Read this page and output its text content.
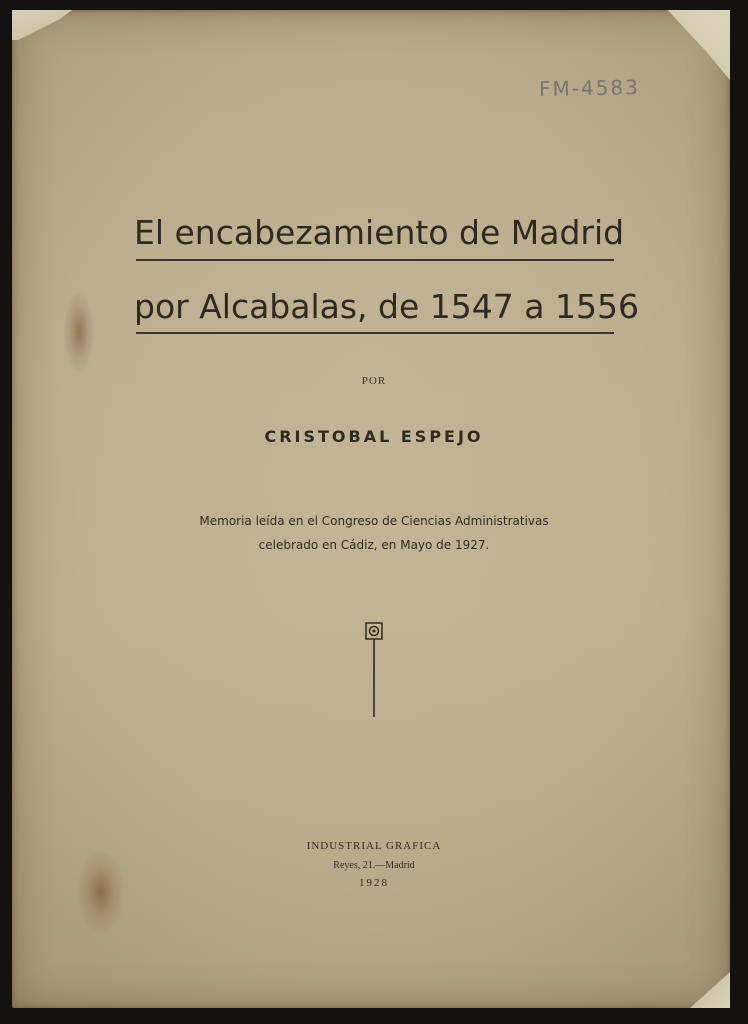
FM-4583
El encabezamiento de Madrid
por Alcabalas, de 1547 a 1556
POR
CRISTOBAL ESPEJO
Memoria leída en el Congreso de Ciencias Administrativas
celebrado en Cádiz, en Mayo de 1927.
INDUSTRIAL GRAFICA
Reyes, 21.—Madrid
1928
